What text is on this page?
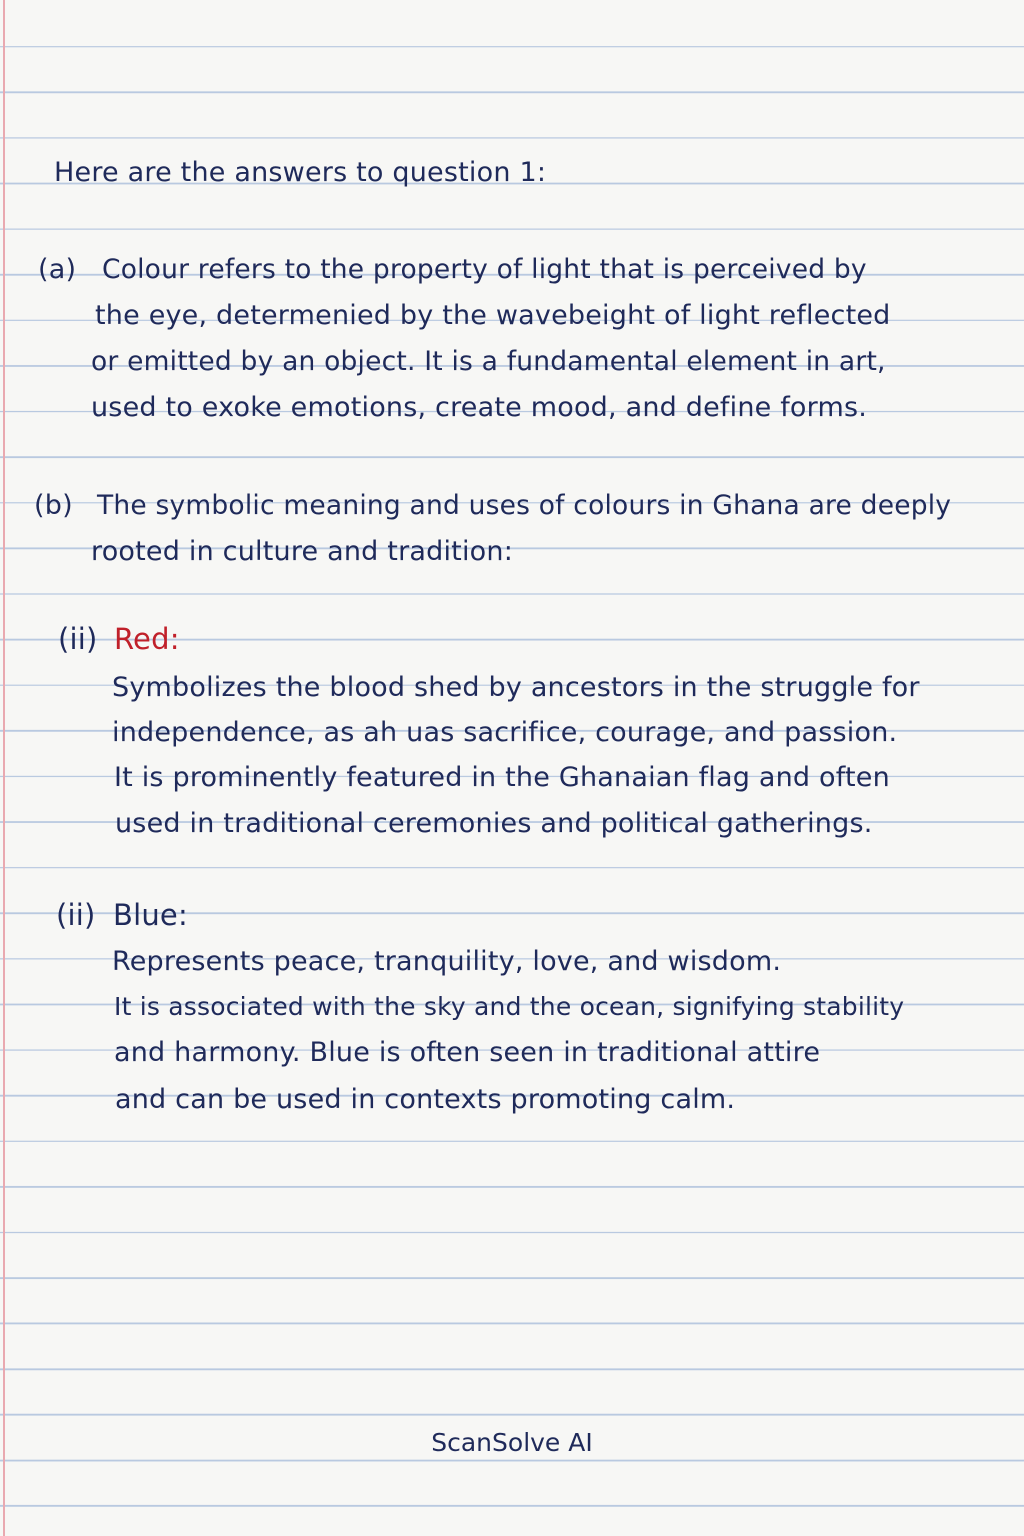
Here are the answers to question 1:
(a) Colour refers to the property of light that is perceived by
the eye, determenied by the wavebeight of light reflected
or emitted by an object. It is a fundamental element in art,
used to exoke emotions, create mood, and define forms.
(b) The symbolic meaning and uses of colours in Ghana are deeply
rooted in culture and tradition:
(ii) Red:
Symbolizes the blood shed by ancestors in the struggle for
independence, as ah uas sacrifice, courage, and passion.
It is prominently featured in the Ghanaian flag and often
used in traditional ceremonies and political gatherings.
(ii) Blue:
Represents peace, tranquility, love, and wisdom.
It is associated with the sky and the ocean, signifying stability
and harmony. Blue is often seen in traditional attire
and can be used in contexts promoting calm.
ScanSolve AI
